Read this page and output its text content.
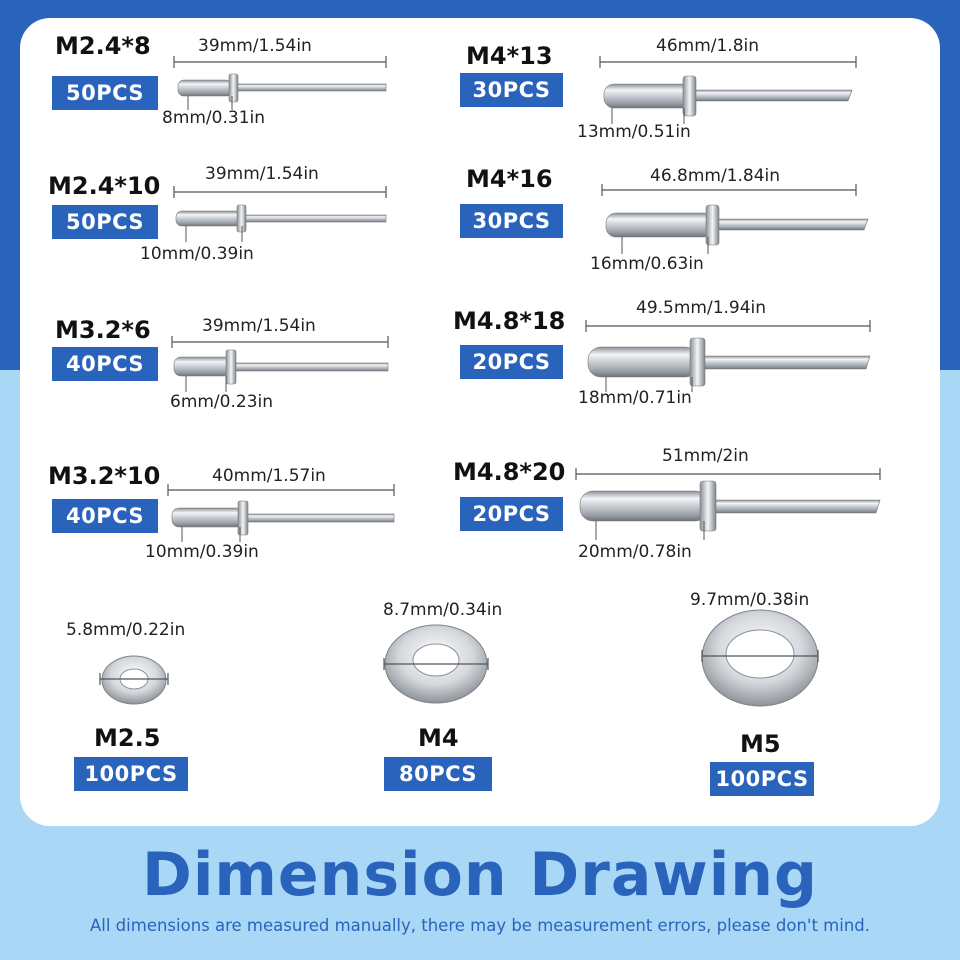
M2.4*8
50PCS
39mm/1.54in
8mm/0.31in
M2.4*10
50PCS
39mm/1.54in
10mm/0.39in
M3.2*6
40PCS
39mm/1.54in
6mm/0.23in
M3.2*10
40PCS
40mm/1.57in
10mm/0.39in
M4*13
30PCS
46mm/1.8in
13mm/0.51in
M4*16
30PCS
46.8mm/1.84in
16mm/0.63in
M4.8*18
20PCS
49.5mm/1.94in
18mm/0.71in
M4.8*20
20PCS
51mm/2in
20mm/0.78in
5.8mm/0.22in
M2.5
100PCS
8.7mm/0.34in
M4
80PCS
9.7mm/0.38in
M5
100PCS
Dimension Drawing
All dimensions are measured manually, there may be measurement errors, please don't mind.
